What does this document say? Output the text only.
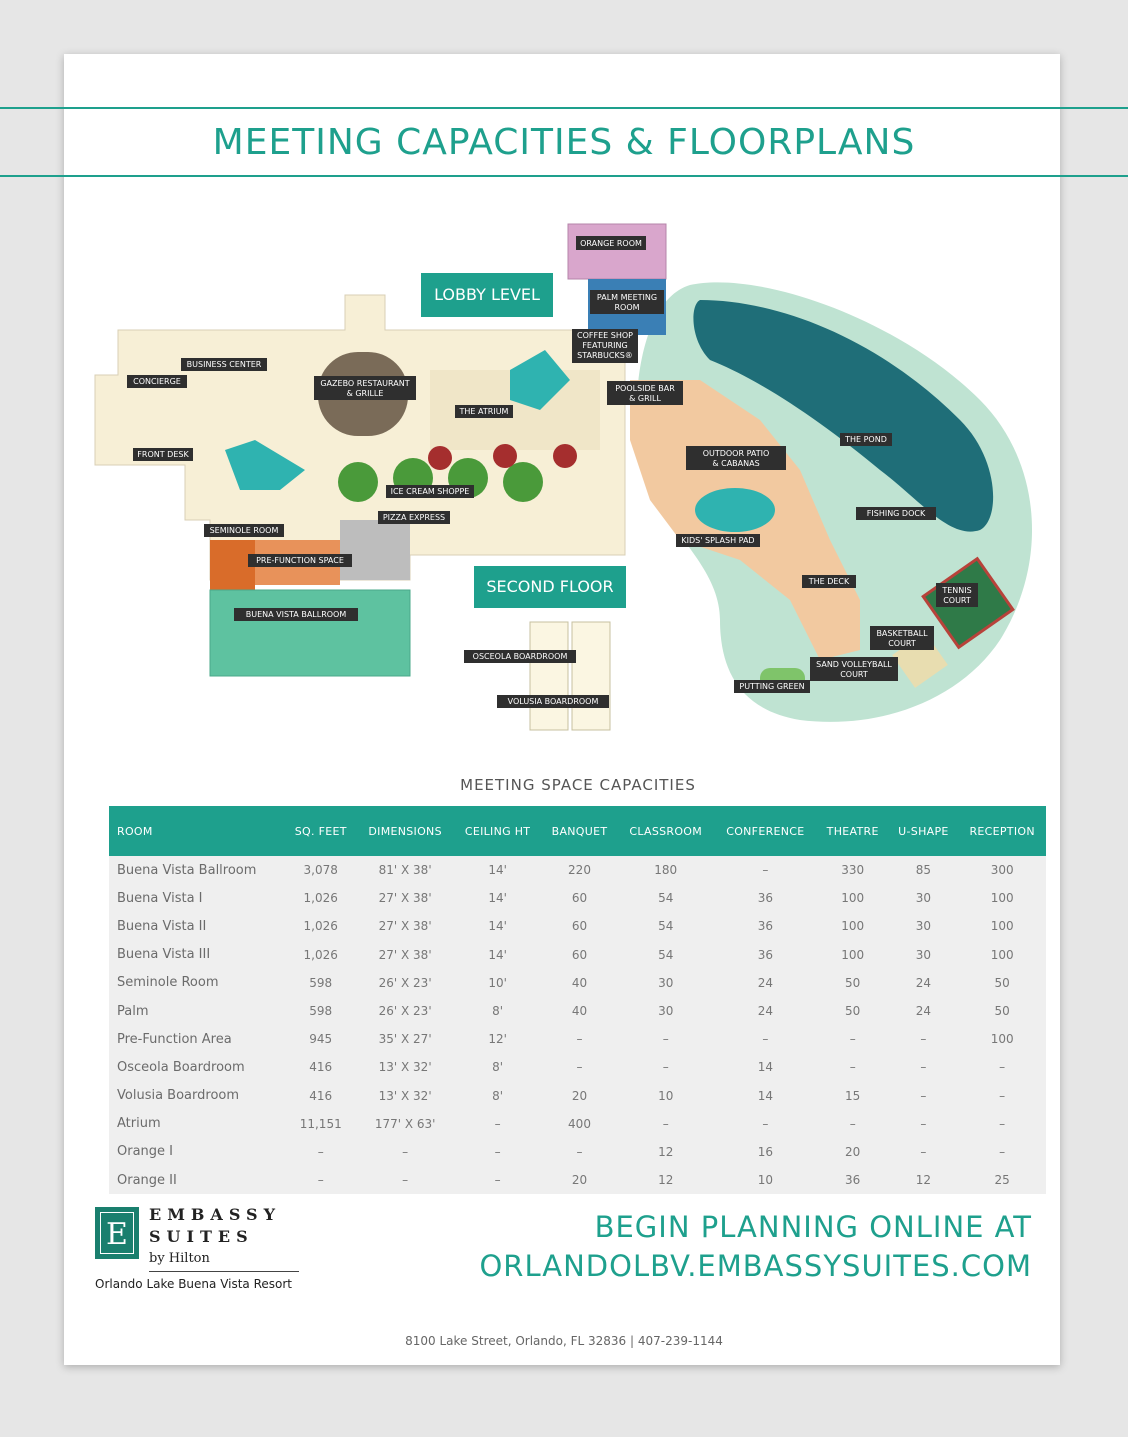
MEETING CAPACITIES & FLOORPLANS
ORANGE ROOM
PALM MEETING
ROOM
COFFEE SHOP
FEATURING
STARBUCKS®
BUSINESS CENTER
CONCIERGE	GAZEBO RESTAURANT
& GRILLE
THE ATRIUM
POOLSIDE BAR
& GRILL
FRONT DESK	OUTDOOR PATIO
& CABANAS
THE POND
ICE CREAM SHOPPE
PIZZA EXPRESS	FISHING DOCK
SEMINOLE ROOM
KIDS' SPLASH PAD
PRE-FUNCTION SPACE
THE DECK
TENNIS
COURT
BUENA VISTA BALLROOM
BASKETBALL
COURT
OSCEOLA BOARDROOM
SAND VOLLEYBALL
COURT
PUTTING GREEN
VOLUSIA BOARDROOM
LOBBY LEVEL
SECOND FLOOR
MEETING SPACE CAPACITIES
ROOM	SQ. FEET	DIMENSIONS	CEILING HT	BANQUET	CLASSROOM	CONFERENCE	THEATRE	U-SHAPE	RECEPTION
Buena Vista Ballroom	3,078	81' X 38'	14'	220	180	–	330	85	300
Buena Vista I	1,026	27' X 38'	14'	60	54	36	100	30	100
Buena Vista II	1,026	27' X 38'	14'	60	54	36	100	30	100
Buena Vista III	1,026	27' X 38'	14'	60	54	36	100	30	100
Seminole Room	598	26' X 23'	10'	40	30	24	50	24	50
Palm	598	26' X 23'	8'	40	30	24	50	24	50
Pre-Function Area	945	35' X 27'	12'	–	–	–	–	–	100
Osceola Boardroom	416	13' X 32'	8'	–	–	14	–	–	–
Volusia Boardroom	416	13' X 32'	8'	20	10	14	15	–	–
Atrium	11,151	177' X 63'	–	400	–	–	–	–	–
Orange I	–	–	–	–	12	16	20	–	–
Orange II	–	–	–	20	12	10	36	12	25
E
EMBASSY
SUITES
by Hilton
Orlando Lake Buena Vista Resort
BEGIN PLANNING ONLINE AT
ORLANDOLBV.EMBASSYSUITES.COM
8100 Lake Street, Orlando, FL 32836 | 407-239-1144
